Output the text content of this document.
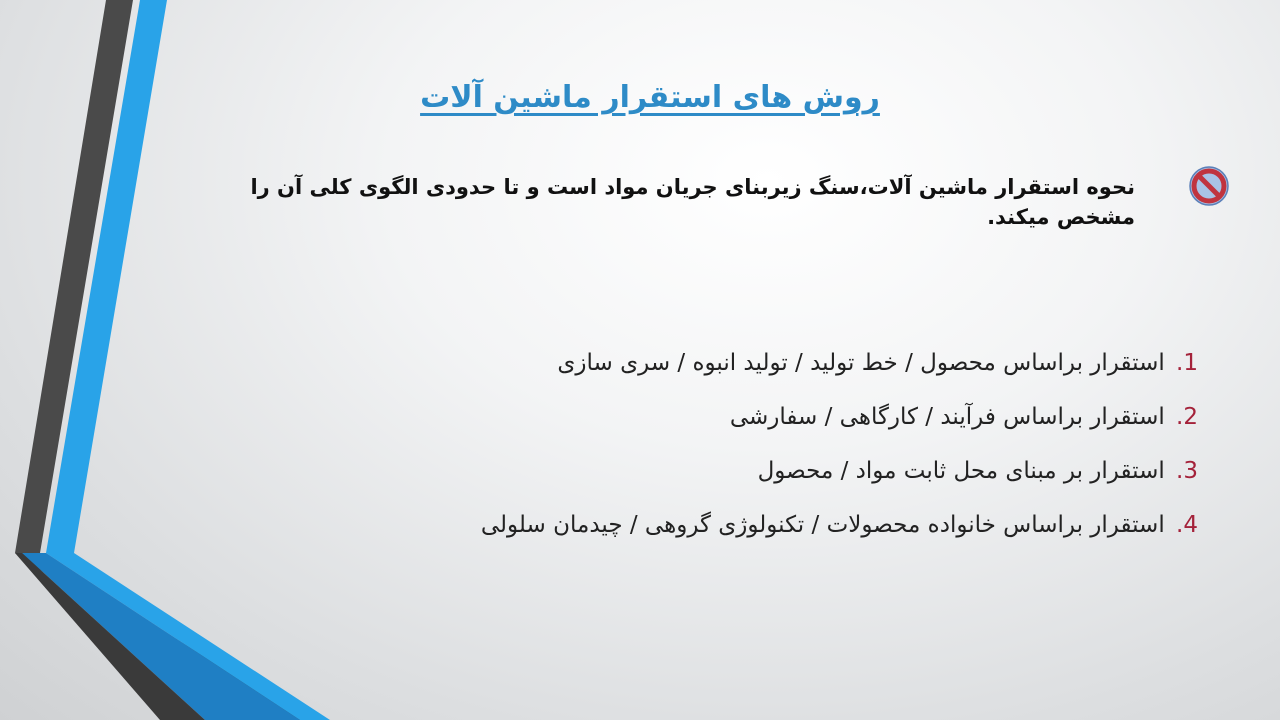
روش های استقرار ماشین آلات
نحوه استقرار ماشین آلات،سنگ زیربنای جریان مواد است و تا حدودی الگوی کلی آن را مشخص میکند.
1. استقرار براساس محصول / خط تولید / تولید انبوه / سری سازی
2. استقرار براساس فرآیند / کارگاهی / سفارشی
3. استقرار بر مبنای محل ثابت مواد / محصول
4. استقرار براساس خانواده محصولات / تکنولوژی گروهی / چیدمان سلولی
